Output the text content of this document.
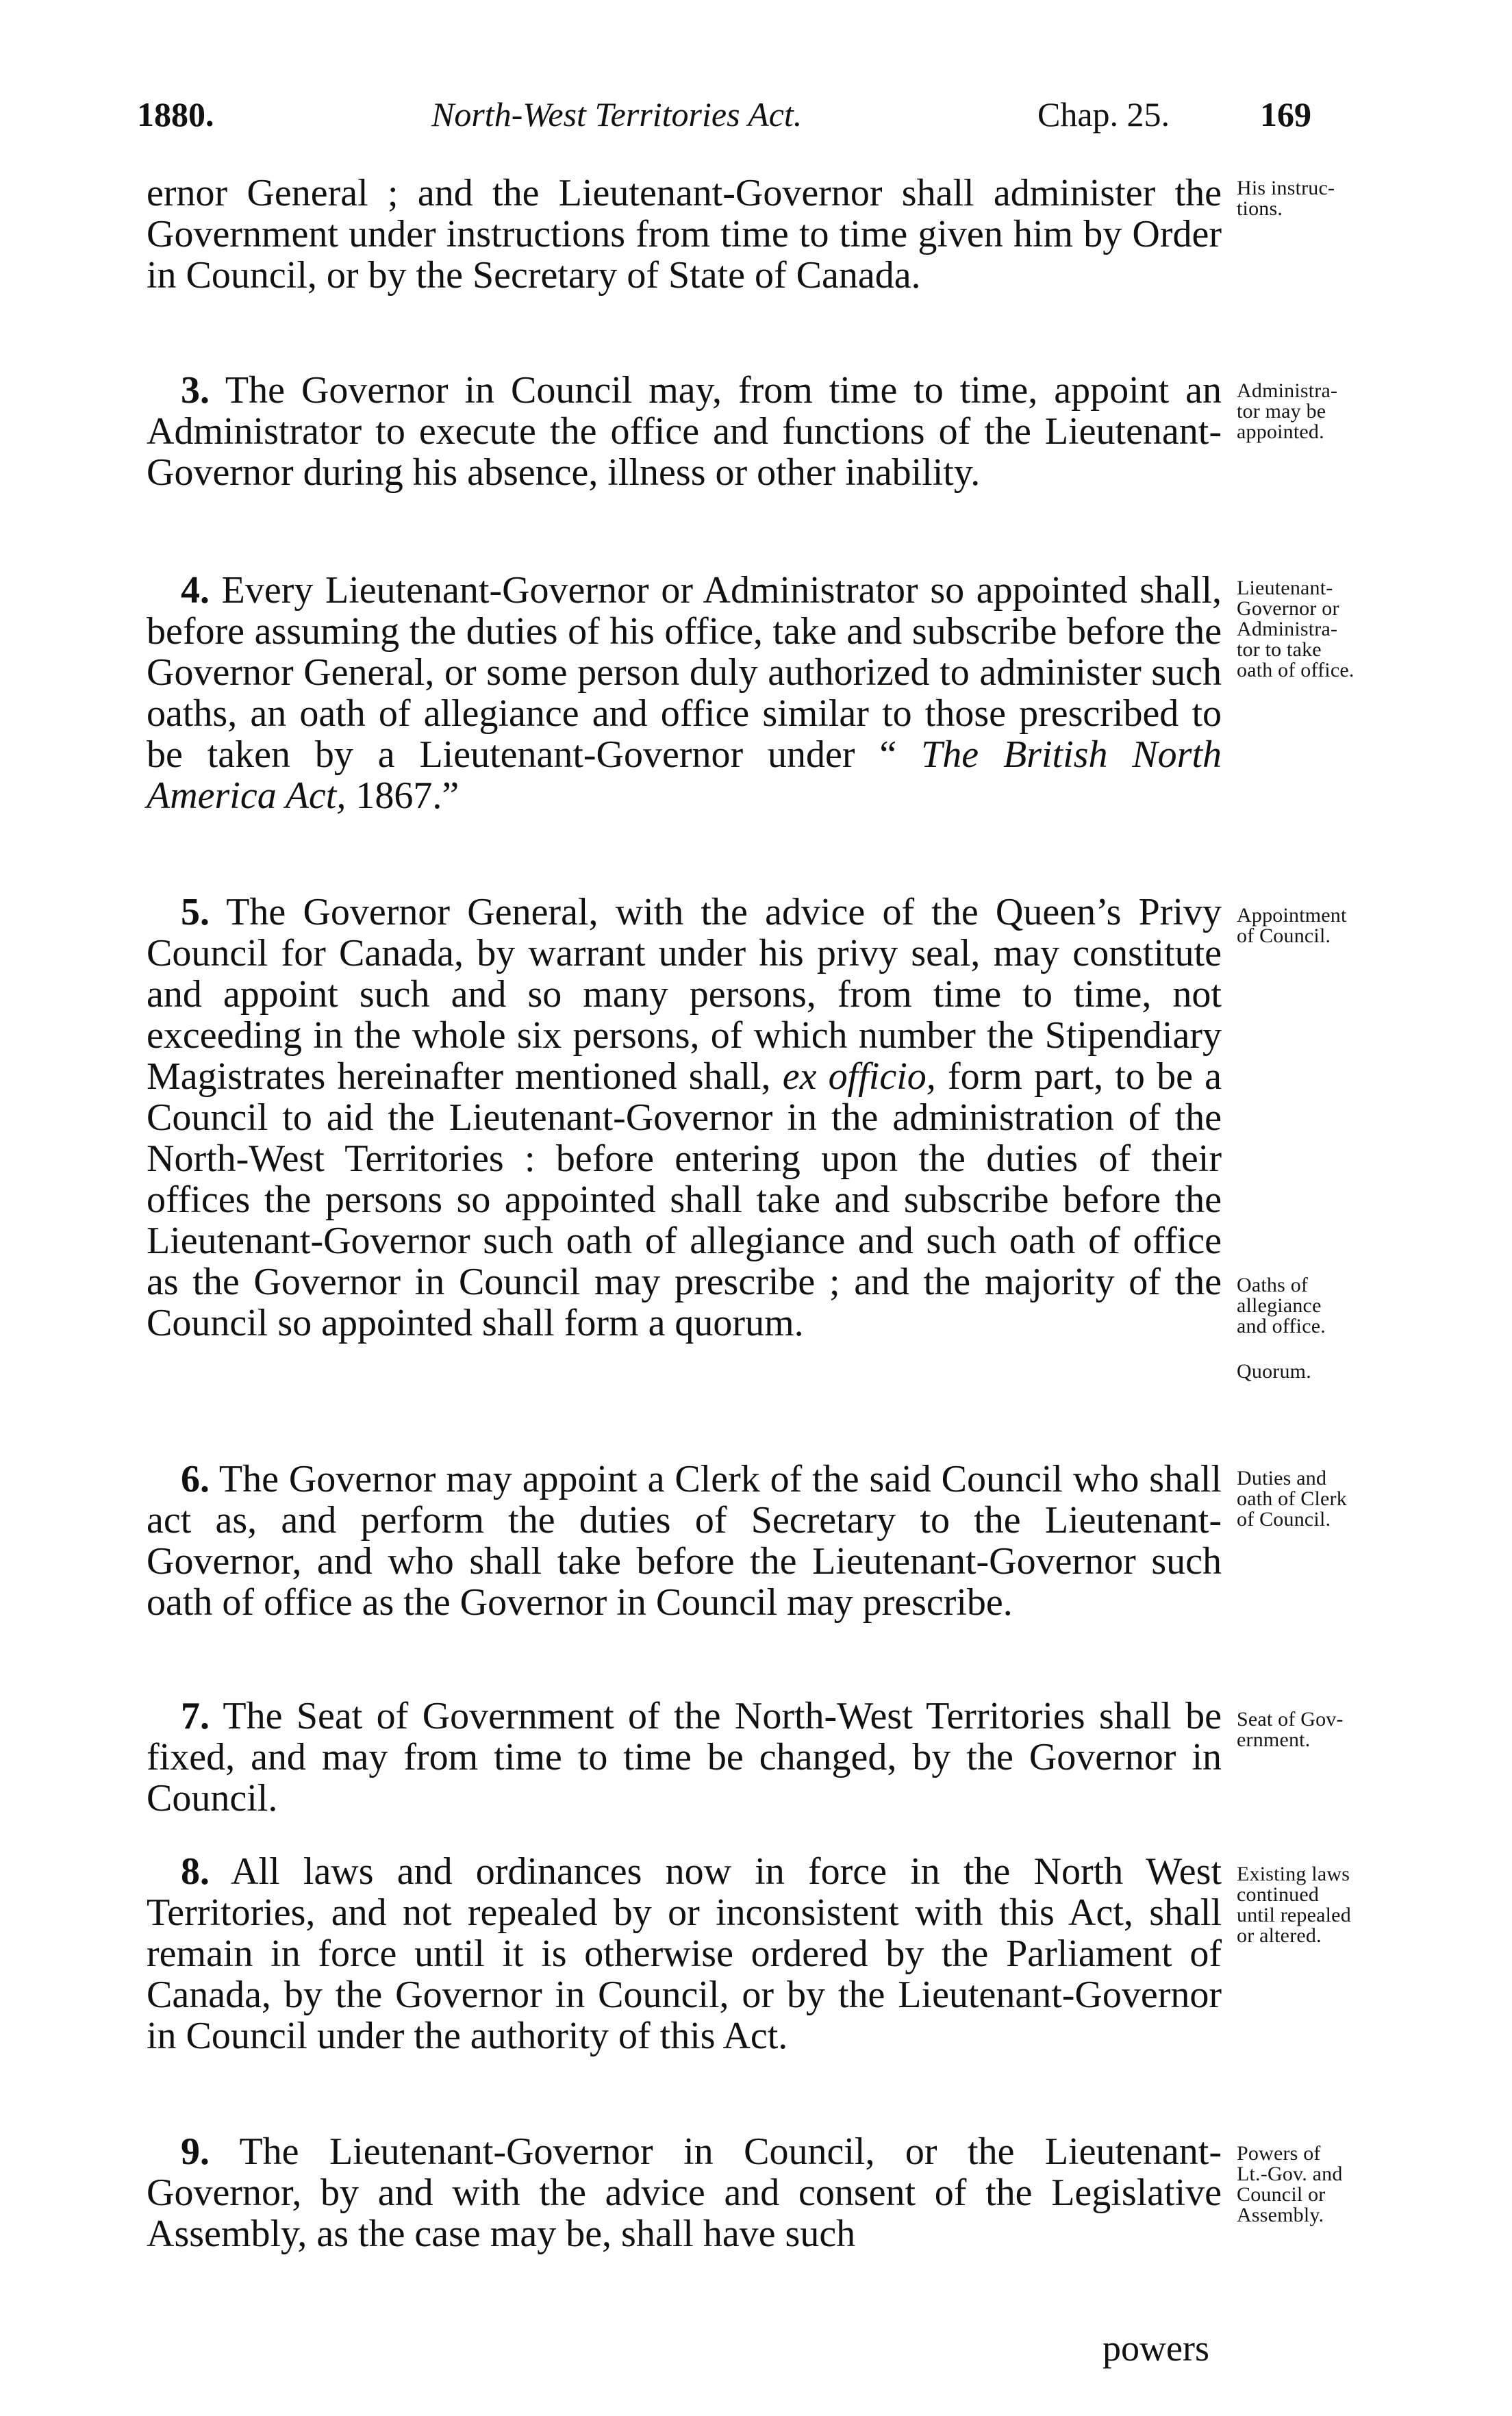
1880.	North-West Territories Act.	Chap. 25.	169

ernor General ; and the Lieutenant-Governor shall administer the Government under instructions from time to time given him by Order in Council, or by the Secretary of State of Canada.

3. The Governor in Council may, from time to time, appoint an Administrator to execute the office and functions of the Lieutenant-Governor during his absence, illness or other inability.

4. Every Lieutenant-Governor or Administrator so appointed shall, before assuming the duties of his office, take and subscribe before the Governor General, or some person duly authorized to administer such oaths, an oath of allegiance and office similar to those prescribed to be taken by a Lieutenant-Governor under “ The British North America Act, 1867.”

5. The Governor General, with the advice of the Queen’s Privy Council for Canada, by warrant under his privy seal, may constitute and appoint such and so many persons, from time to time, not exceeding in the whole six persons, of which number the Stipendiary Magistrates hereinafter mentioned shall, ex officio, form part, to be a Council to aid the Lieutenant-Governor in the administration of the North-West Territories : before entering upon the duties of their offices the persons so appointed shall take and subscribe before the Lieutenant-Governor such oath of allegiance and such oath of office as the Governor in Council may prescribe ; and the majority of the Council so appointed shall form a quorum.

6. The Governor may appoint a Clerk of the said Council who shall act as, and perform the duties of Secretary to the Lieutenant-Governor, and who shall take before the Lieutenant-Governor such oath of office as the Governor in Council may prescribe.

7. The Seat of Government of the North-West Territories shall be fixed, and may from time to time be changed, by the Governor in Council.

8. All laws and ordinances now in force in the North West Territories, and not repealed by or inconsistent with this Act, shall remain in force until it is otherwise ordered by the Parliament of Canada, by the Governor in Council, or by the Lieutenant-Governor in Council under the authority of this Act.

9. The Lieutenant-Governor in Council, or the Lieutenant-Governor, by and with the advice and consent of the Legislative Assembly, as the case may be, shall have such

powers
His instruc-
tions.
Administra-
tor may be
appointed.
Lieutenant-
Governor or
Administra-
tor to take
oath of office.
Appointment
of Council.
Oaths of
allegiance
and office.
Quorum.
Duties and
oath of Clerk
of Council.
Seat of Gov-
ernment.
Existing laws
continued
until repealed
or altered.
Powers of
Lt.-Gov. and
Council or
Assembly.
